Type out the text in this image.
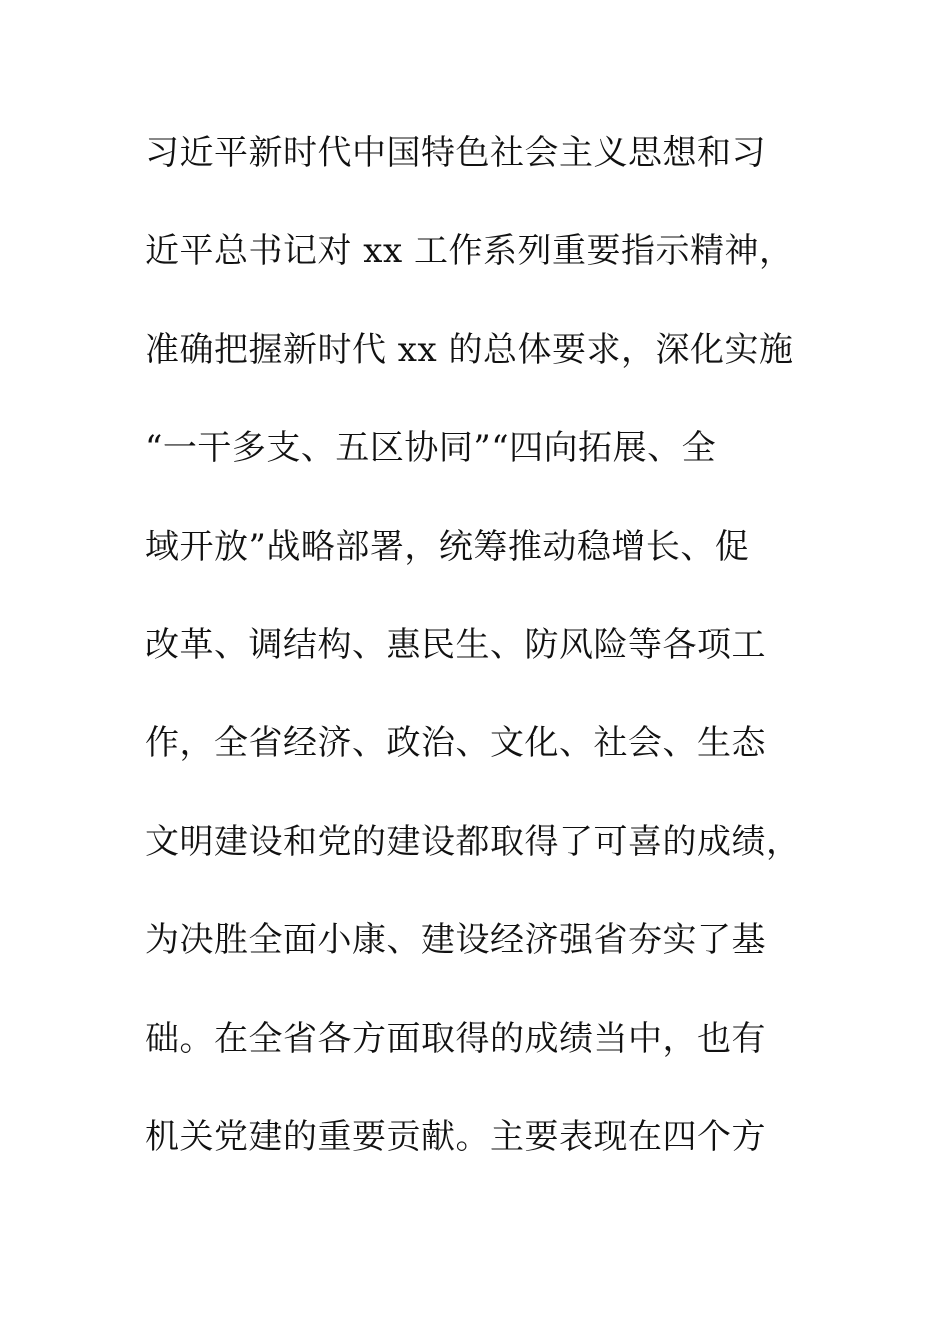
习近平新时代中国特色社会主义思想和习
近平总书记对 xx 工作系列重要指示精神，
准确把握新时代 xx 的总体要求，深化实施
“一干多支、五区协同”“四向拓展、全
域开放”战略部署，统筹推动稳增长、促
改革、调结构、惠民生、防风险等各项工
作，全省经济、政治、文化、社会、生态
文明建设和党的建设都取得了可喜的成绩，
为决胜全面小康、建设经济强省夯实了基
础。在全省各方面取得的成绩当中，也有
机关党建的重要贡献。主要表现在四个方
